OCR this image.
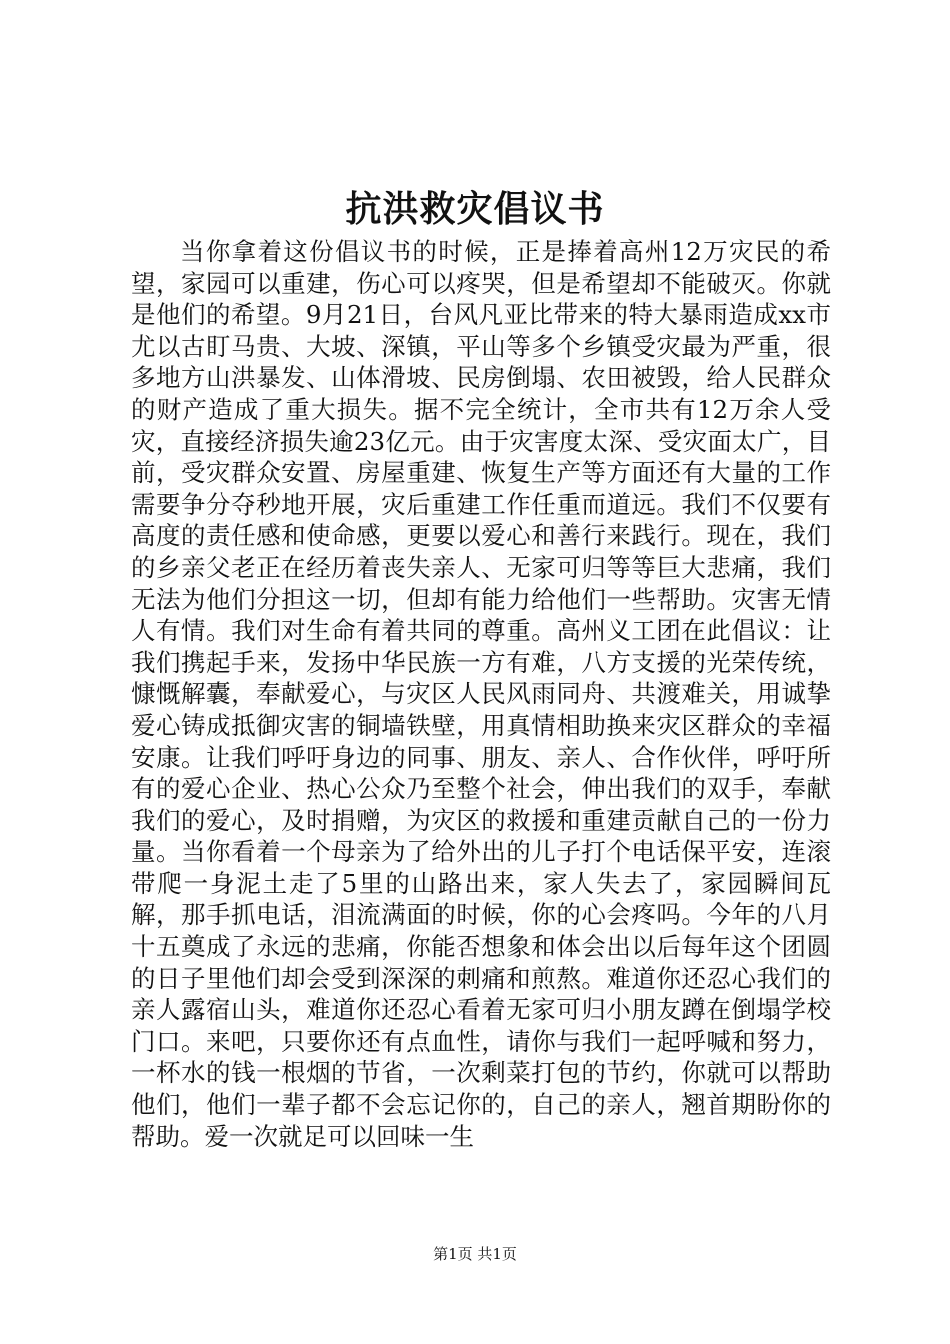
抗洪救灾倡议书

当你拿着这份倡议书的时候，正是捧着高州12万灾民的希望，家园可以重建，伤心可以疼哭，但是希望却不能破灭。你就是他们的希望。9月21日，台风凡亚比带来的特大暴雨造成xx市尤以古盯马贵、大坡、深镇，平山等多个乡镇受灾最为严重，很多地方山洪暴发、山体滑坡、民房倒塌、农田被毁，给人民群众的财产造成了重大损失。据不完全统计，全市共有12万余人受灾，直接经济损失逾23亿元。由于灾害度太深、受灾面太广，目前，受灾群众安置、房屋重建、恢复生产等方面还有大量的工作需要争分夺秒地开展，灾后重建工作任重而道远。我们不仅要有高度的责任感和使命感，更要以爱心和善行来践行。现在，我们的乡亲父老正在经历着丧失亲人、无家可归等等巨大悲痛，我们无法为他们分担这一切，但却有能力给他们一些帮助。灾害无情人有情。我们对生命有着共同的尊重。高州义工团在此倡议：让我们携起手来，发扬中华民族一方有难，八方支援的光荣传统，慷慨解囊，奉献爱心，与灾区人民风雨同舟、共渡难关，用诚挚爱心铸成抵御灾害的铜墙铁壁，用真情相助换来灾区群众的幸福安康。让我们呼吁身边的同事、朋友、亲人、合作伙伴，呼吁所有的爱心企业、热心公众乃至整个社会，伸出我们的双手，奉献我们的爱心，及时捐赠，为灾区的救援和重建贡献自己的一份力量。当你看着一个母亲为了给外出的儿子打个电话保平安，连滚带爬一身泥土走了5里的山路出来，家人失去了，家园瞬间瓦解，那手抓电话，泪流满面的时候，你的心会疼吗。今年的八月十五奠成了永远的悲痛，你能否想象和体会出以后每年这个团圆的日子里他们却会受到深深的刺痛和煎熬。难道你还忍心我们的亲人露宿山头，难道你还忍心看着无家可归小朋友蹲在倒塌学校门口。来吧，只要你还有点血性，请你与我们一起呼喊和努力，一杯水的钱一根烟的节省，一次剩菜打包的节约，你就可以帮助他们，他们一辈子都不会忘记你的，自己的亲人，翘首期盼你的帮助。爱一次就足可以回味一生

第1页 共1页
